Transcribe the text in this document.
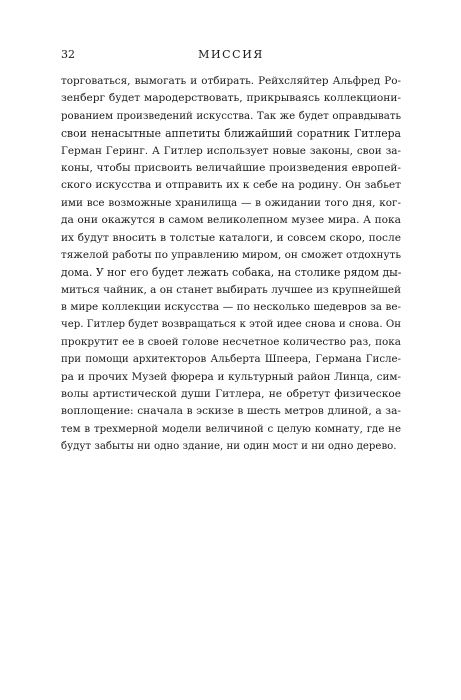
32	МИССИЯ
торговаться, вымогать и отбирать. Рейхсляйтер Альфред Ро-
зенберг будет мародерствовать, прикрываясь коллекциони-
рованием произведений искусства. Так же будет оправдывать
свои ненасытные аппетиты ближайший соратник Гитлера
Герман Геринг. А Гитлер использует новые законы, свои за-
коны, чтобы присвоить величайшие произведения европей-
ского искусства и отправить их к себе на родину. Он забьет
ими все возможные хранилища — в ожидании того дня, ког-
да они окажутся в самом великолепном музее мира. А пока
их будут вносить в толстые каталоги, и совсем скоро, после
тяжелой работы по управлению миром, он сможет отдохнуть
дома. У ног его будет лежать собака, на столике рядом ды-
миться чайник, а он станет выбирать лучшее из крупнейшей
в мире коллекции искусства — по несколько шедевров за ве-
чер. Гитлер будет возвращаться к этой идее снова и снова. Он
прокрутит ее в своей голове несчетное количество раз, пока
при помощи архитекторов Альберта Шпеера, Германа Гисле-
ра и прочих Музей фюрера и культурный район Линца, сим-
волы артистической души Гитлера, не обретут физическое
воплощение: сначала в эскизе в шесть метров длиной, а за-
тем в трехмерной модели величиной с целую комнату, где не
будут забыты ни одно здание, ни один мост и ни одно дерево.
